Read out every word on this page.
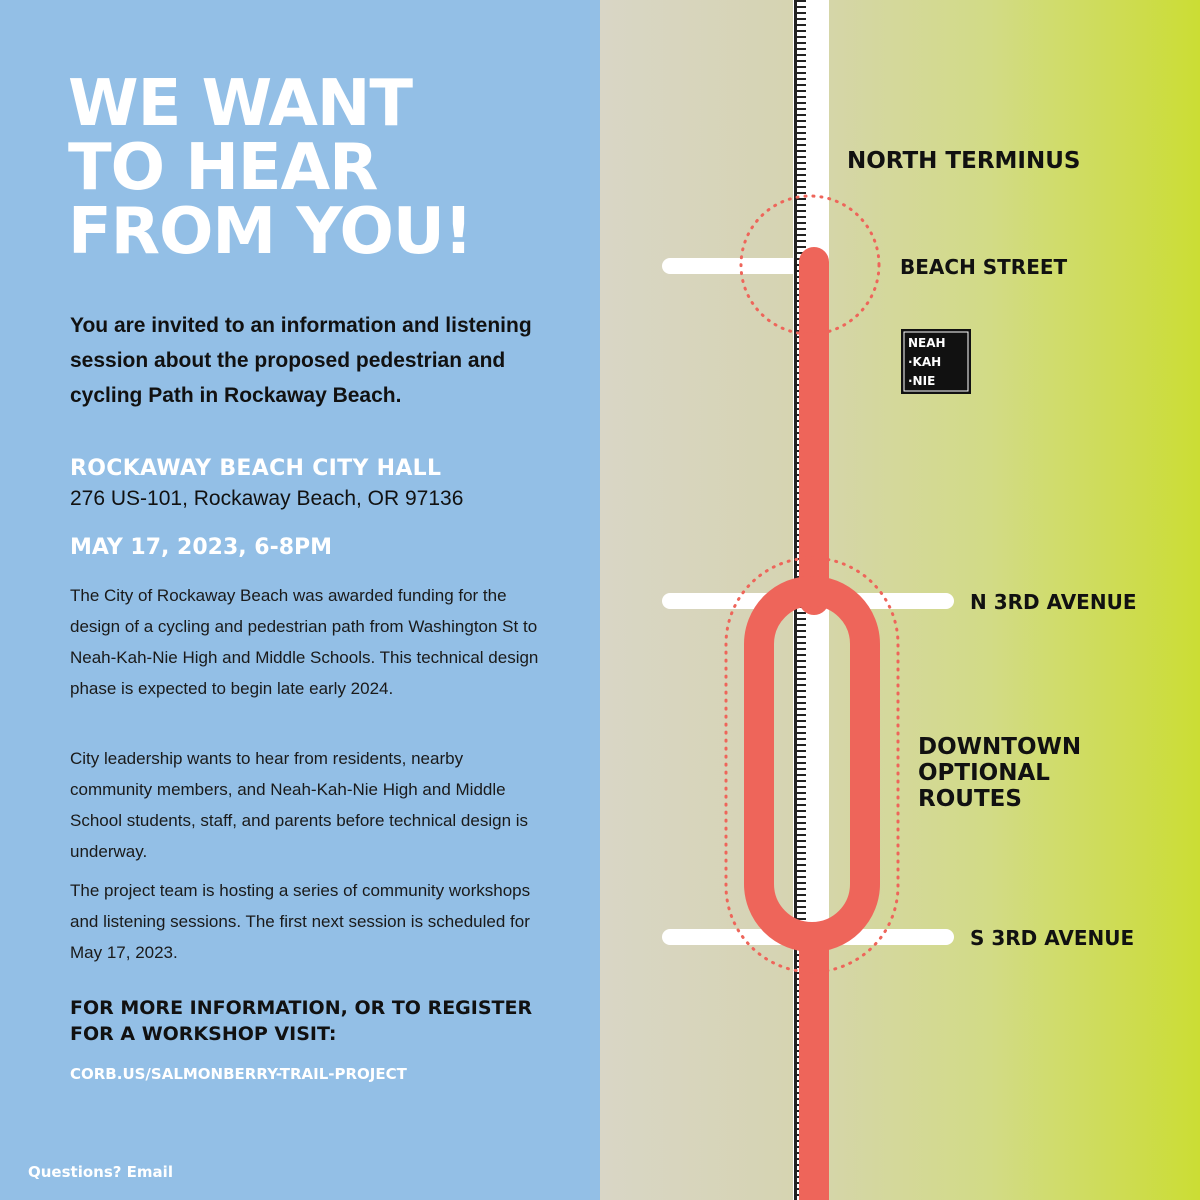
WE WANT
TO HEAR
FROM YOU!

You are invited to an information and listening session about the proposed pedestrian and cycling Path in Rockaway Beach.

ROCKAWAY BEACH CITY HALL

276 US-101, Rockaway Beach, OR 97136

MAY 17, 2023, 6-8PM

The City of Rockaway Beach was awarded funding for the design of a cycling and pedestrian path from Washington St to Neah-Kah-Nie High and Middle Schools. This technical design phase is expected to begin late early 2024.

City leadership wants to hear from residents, nearby community members, and Neah-Kah-Nie High and Middle School students, staff, and parents before technical design is underway.

The project team is hosting a series of community workshops and listening sessions. The first next session is scheduled for May 17, 2023.

FOR MORE INFORMATION, OR TO REGISTER FOR A WORKSHOP VISIT:

CORB.US/SALMONBERRY-TRAIL-PROJECT

Questions? Email

NORTH TERMINUS
BEACH STREET
N 3RD AVENUE
DOWNTOWN
OPTIONAL
ROUTES
S 3RD AVENUE
NEAH
·KAH
·NIE
